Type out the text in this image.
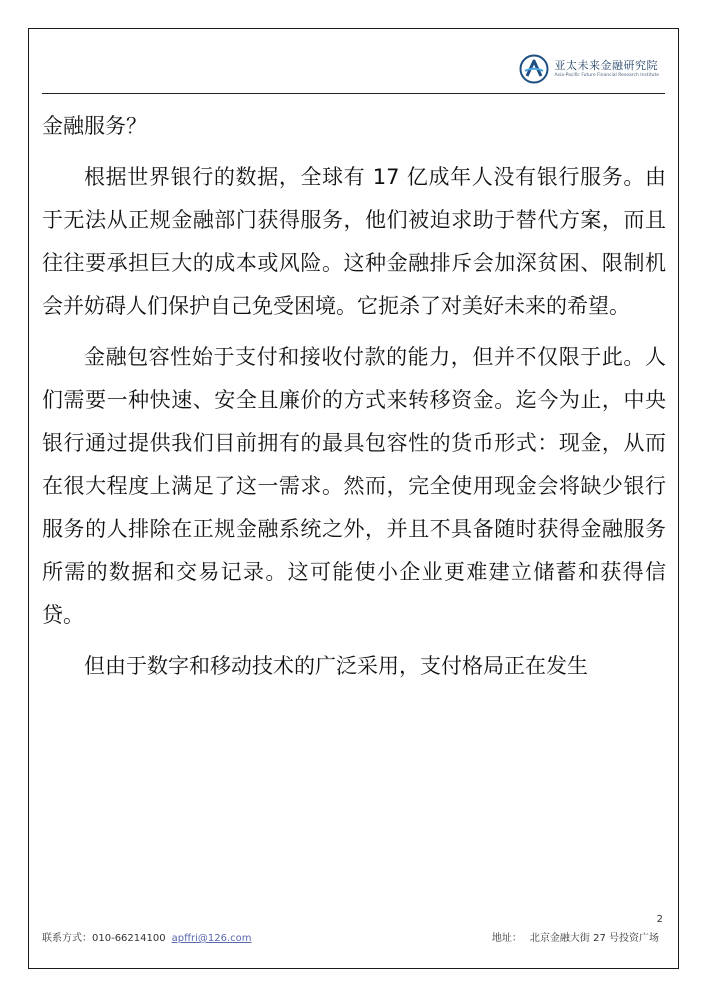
亚太未来金融研究院
Asia-Pacific Future Financial Research Institute

金融服务？

根据世界银行的数据，全球有 17 亿成年人没有银行服务。由于无法从正规金融部门获得服务，他们被迫求助于替代方案，而且往往要承担巨大的成本或风险。这种金融排斥会加深贫困、限制机会并妨碍人们保护自己免受困境。它扼杀了对美好未来的希望。

金融包容性始于支付和接收付款的能力，但并不仅限于此。人们需要一种快速、安全且廉价的方式来转移资金。迄今为止，中央银行通过提供我们目前拥有的最具包容性的货币形式：现金，从而在很大程度上满足了这一需求。然而，完全使用现金会将缺少银行服务的人排除在正规金融系统之外，并且不具备随时获得金融服务所需的数据和交易记录。这可能使小企业更难建立储蓄和获得信贷。

但由于数字和移动技术的广泛采用，支付格局正在发生

2
联系方式：010-66214100 apffri@126.com	地址： 北京金融大街 27 号投资广场
